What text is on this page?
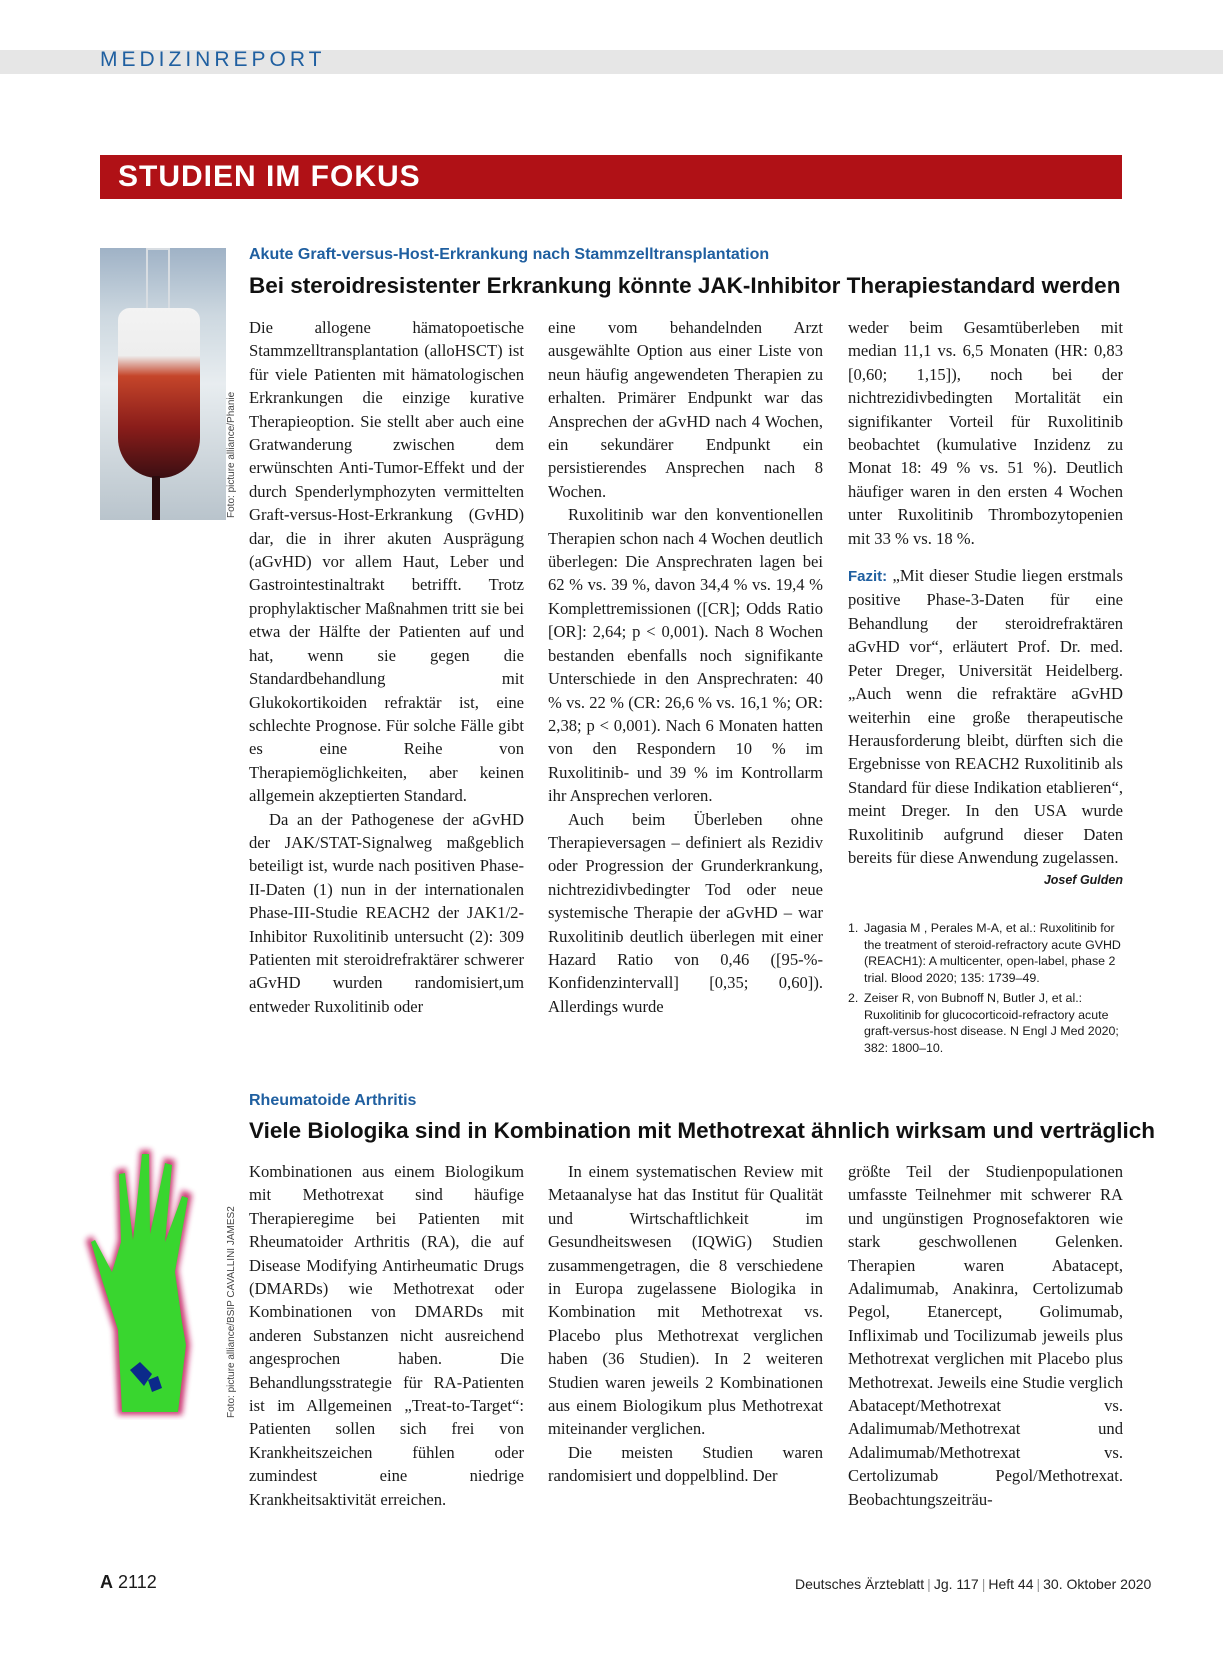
MEDIZINREPORT
STUDIEN IM FOKUS
Foto: picture alliance/Phanie
Akute Graft-versus-Host-Erkrankung nach Stammzelltransplantation
Bei steroidresistenter Erkrankung könnte JAK-Inhibitor Therapiestandard werden

Die allogene hämatopoetische Stammzelltransplantation (alloHSCT) ist für viele Patienten mit hämatologischen Erkrankungen die einzige kurative Therapieoption. Sie stellt aber auch eine Gratwanderung zwischen dem erwünschten Anti-Tumor-Effekt und der durch Spenderlymphozyten vermittelten Graft-versus-Host-Erkrankung (GvHD) dar, die in ihrer akuten Ausprägung (aGvHD) vor allem Haut, Leber und Gastrointestinaltrakt betrifft. Trotz prophylaktischer Maßnahmen tritt sie bei etwa der Hälfte der Patienten auf und hat, wenn sie gegen die Standardbehandlung mit Glukokortikoiden refraktär ist, eine schlechte Prognose. Für solche Fälle gibt es eine Reihe von Therapiemöglichkeiten, aber keinen allgemein akzeptierten Standard.

Da an der Pathogenese der aGvHD der JAK/STAT-Signalweg maßgeblich beteiligt ist, wurde nach positiven Phase-II-Daten (1) nun in der internationalen Phase-III-Studie REACH2 der JAK1/2-Inhibitor Ruxolitinib untersucht (2): 309 Patienten mit steroidrefraktärer schwerer aGvHD wurden randomisiert,um entweder Ruxolitinib oder

eine vom behandelnden Arzt ausgewählte Option aus einer Liste von neun häufig angewendeten Therapien zu erhalten. Primärer Endpunkt war das Ansprechen der aGvHD nach 4 Wochen, ein sekundärer Endpunkt ein persistierendes Ansprechen nach 8 Wochen.

Ruxolitinib war den konventionellen Therapien schon nach 4 Wochen deutlich überlegen: Die Ansprechraten lagen bei 62 % vs. 39 %, davon 34,4 % vs. 19,4 % Komplettremissionen ([CR]; Odds Ratio [OR]: 2,64; p < 0,001). Nach 8 Wochen bestanden ebenfalls noch signifikante Unterschiede in den Ansprechraten: 40 % vs. 22 % (CR: 26,6 % vs. 16,1 %; OR: 2,38; p < 0,001). Nach 6 Monaten hatten von den Respondern 10 % im Ruxolitinib- und 39 % im Kontrollarm ihr Ansprechen verloren.

Auch beim Überleben ohne Therapieversagen – definiert als Rezidiv oder Progression der Grunderkrankung, nichtrezidivbedingter Tod oder neue systemische Therapie der aGvHD – war Ruxolitinib deutlich überlegen mit einer Hazard Ratio von 0,46 ([95-%-Konfidenzintervall] [0,35; 0,60]). Allerdings wurde

weder beim Gesamtüberleben mit median 11,1 vs. 6,5 Monaten (HR: 0,83 [0,60; 1,15]), noch bei der nichtrezidivbedingten Mortalität ein signifikanter Vorteil für Ruxolitinib beobachtet (kumulative Inzidenz zu Monat 18: 49 % vs. 51 %). Deutlich häufiger waren in den ersten 4 Wochen unter Ruxolitinib Thrombozytopenien mit 33 % vs. 18 %.

Fazit: „Mit dieser Studie liegen erstmals positive Phase-3-Daten für eine Behandlung der steroidrefraktären aGvHD vor“, erläutert Prof. Dr. med. Peter Dreger, Universität Heidelberg. „Auch wenn die refraktäre aGvHD weiterhin eine große therapeutische Herausforderung bleibt, dürften sich die Ergebnisse von REACH2 Ruxolitinib als Standard für diese Indikation etablieren“, meint Dreger. In den USA wurde Ruxolitinib aufgrund dieser Daten bereits für diese Anwendung zugelassen.
Josef Gulden

1. Jagasia M , Perales M-A, et al.: Ruxolitinib for the treatment of steroid-refractory acute GVHD (REACH1): A multicenter, open-label, phase 2 trial. Blood 2020; 135: 1739–49.
2. Zeiser R, von Bubnoff N, Butler J, et al.: Ruxolitinib for glucocorticoid-refractory acute graft-versus-host disease. N Engl J Med 2020; 382: 1800–10.
Foto: picture alliance/BSIP CAVALLINI JAMES2
Rheumatoide Arthritis
Viele Biologika sind in Kombination mit Methotrexat ähnlich wirksam und verträglich

Kombinationen aus einem Biologikum mit Methotrexat sind häufige Therapieregime bei Patienten mit Rheumatoider Arthritis (RA), die auf Disease Modifying Antirheumatic Drugs (DMARDs) wie Methotrexat oder Kombinationen von DMARDs mit anderen Substanzen nicht ausreichend angesprochen haben. Die Behandlungsstrategie für RA-Patienten ist im Allgemeinen „Treat-to-Target“: Patienten sollen sich frei von Krankheitszeichen fühlen oder zumindest eine niedrige Krankheitsaktivität erreichen.

In einem systematischen Review mit Metaanalyse hat das Institut für Qualität und Wirtschaftlichkeit im Gesundheitswesen (IQWiG) Studien zusammengetragen, die 8 verschiedene in Europa zugelassene Biologika in Kombination mit Methotrexat vs. Placebo plus Methotrexat verglichen haben (36 Studien). In 2 weiteren Studien waren jeweils 2 Kombinationen aus einem Biologikum plus Methotrexat miteinander verglichen.

Die meisten Studien waren randomisiert und doppelblind. Der

größte Teil der Studienpopulationen umfasste Teilnehmer mit schwerer RA und ungünstigen Prognosefaktoren wie stark geschwollenen Gelenken. Therapien waren Abatacept, Adalimumab, Anakinra, Certolizumab Pegol, Etanercept, Golimumab, Infliximab und Tocilizumab jeweils plus Methotrexat verglichen mit Placebo plus Methotrexat. Jeweils eine Studie verglich Abatacept/Methotrexat vs. Adalimumab/Methotrexat und Adalimumab/Methotrexat vs. Certolizumab Pegol/Methotrexat. Beobachtungszeiträu-

A 2112	Deutsches Ärzteblatt | Jg. 117 | Heft 44 | 30. Oktober 2020
